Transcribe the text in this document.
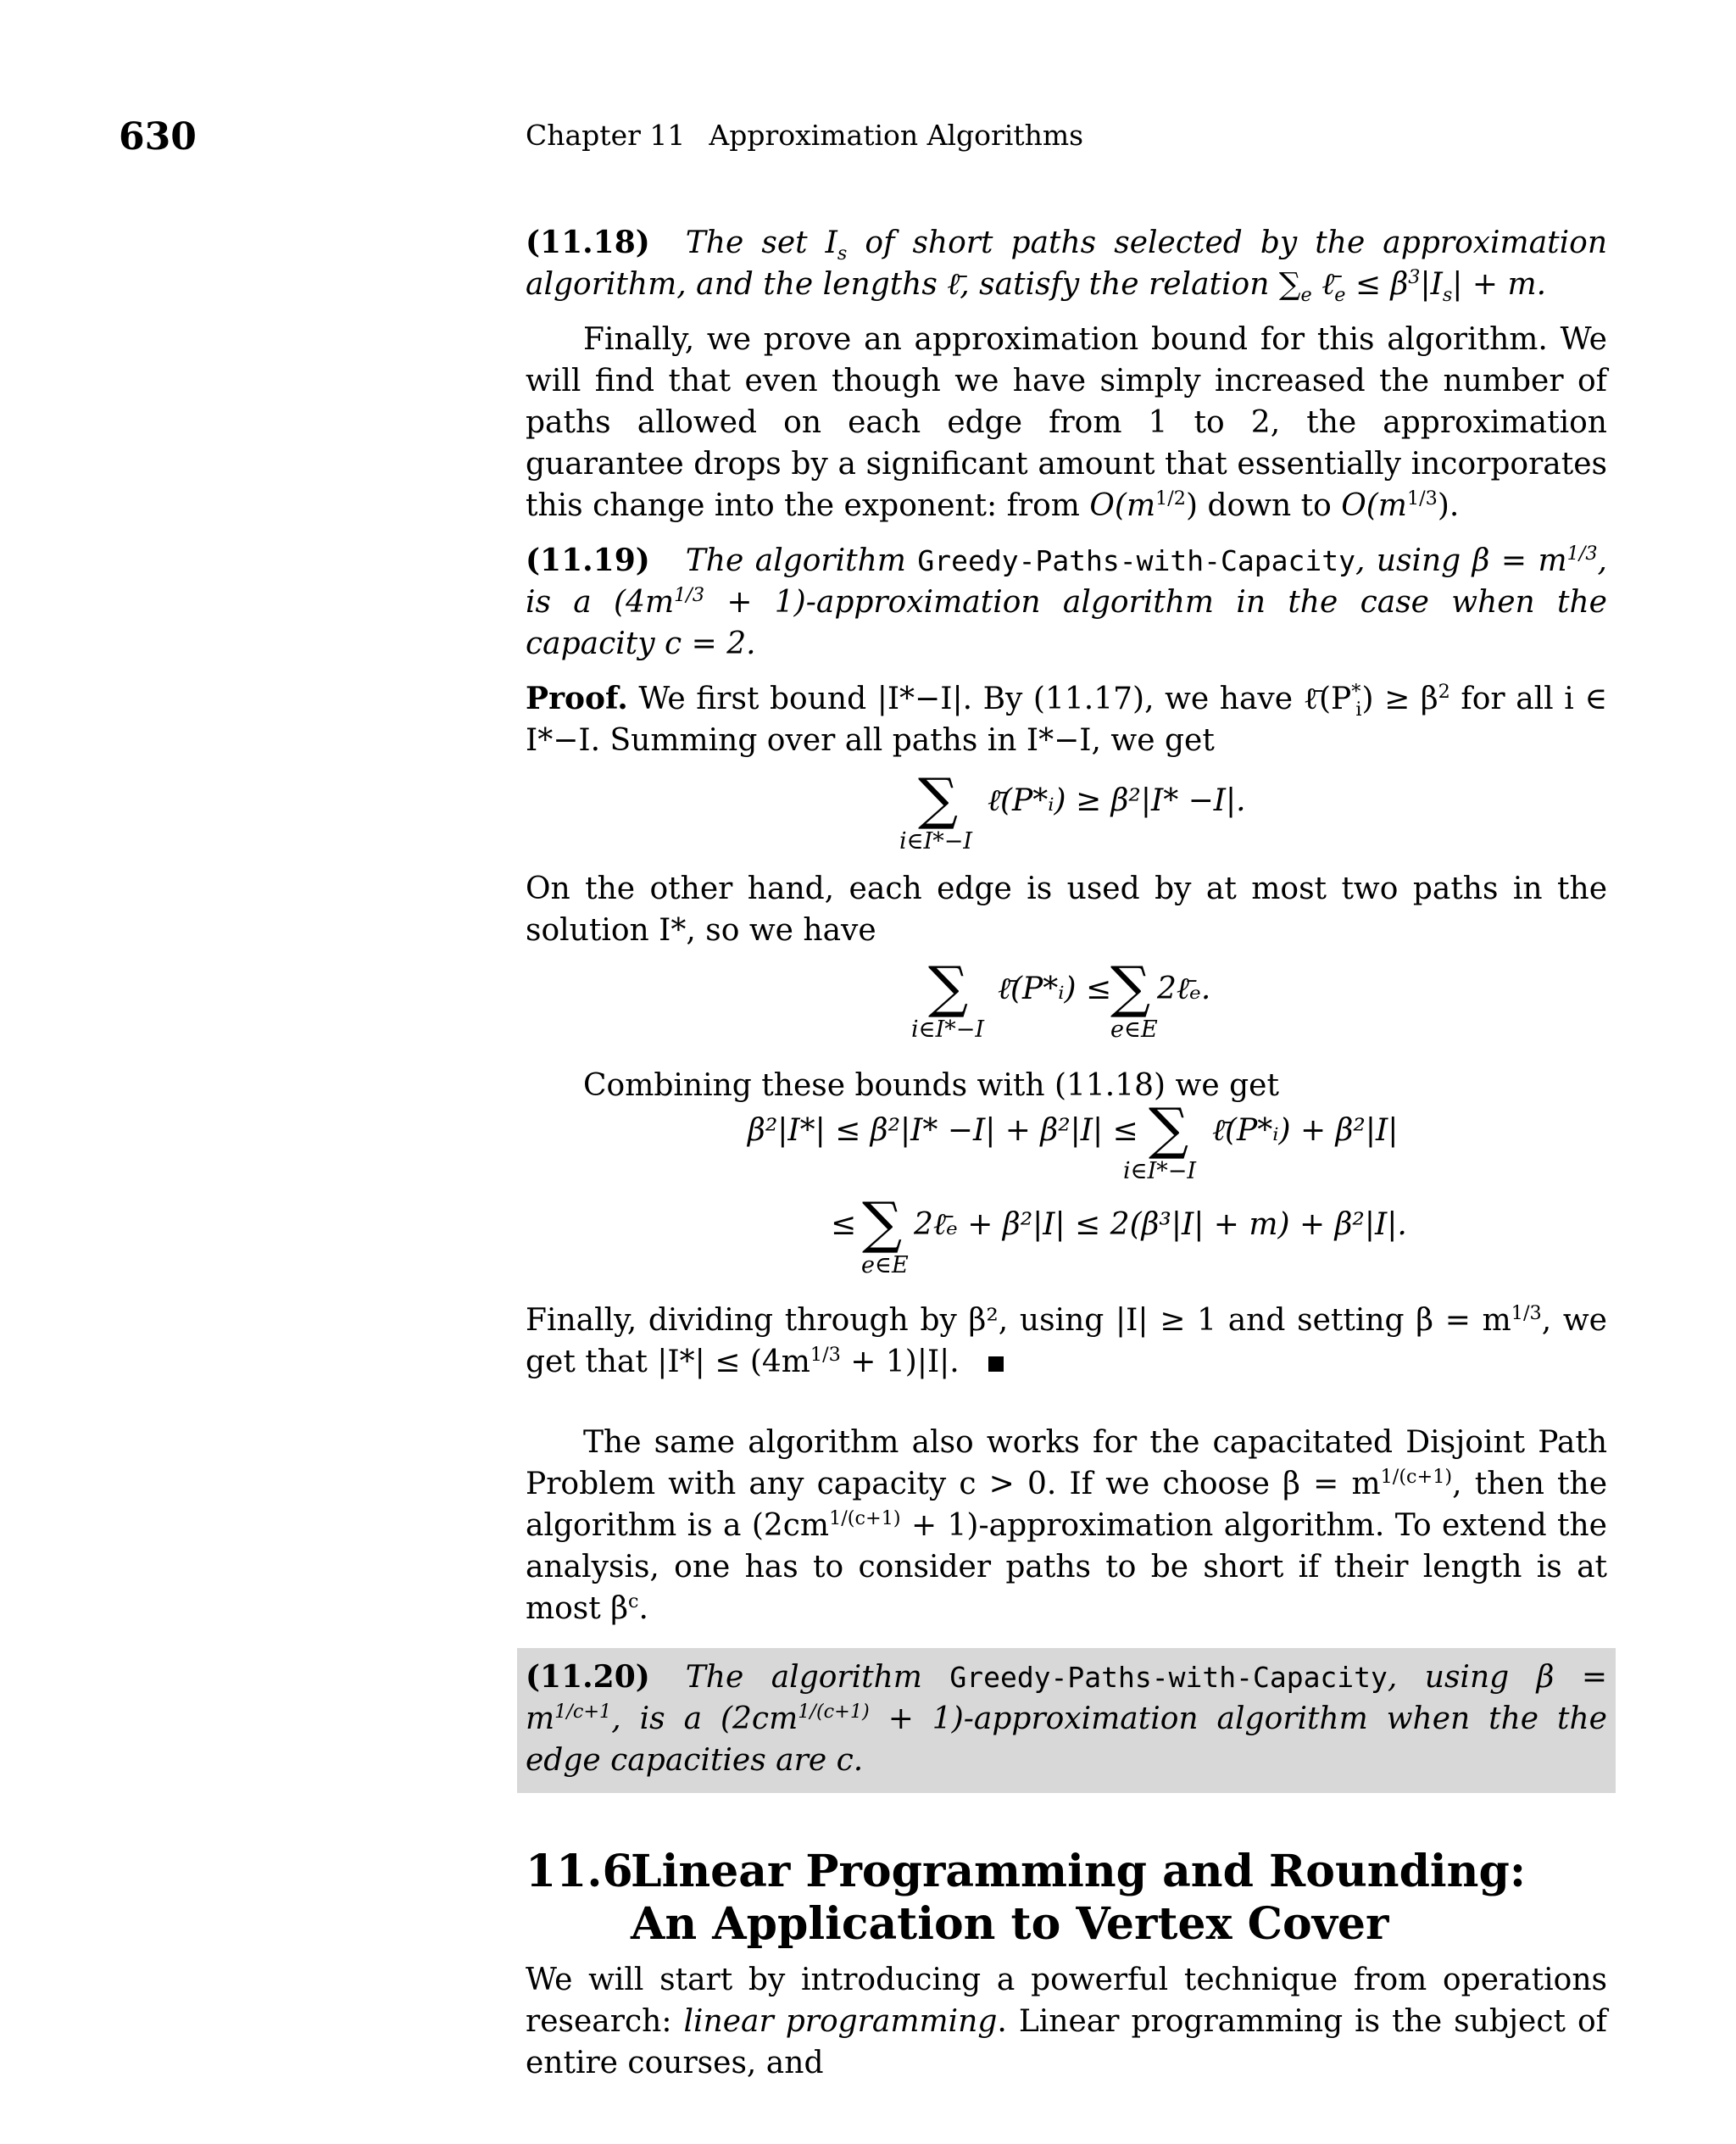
630	Chapter 11 Approximation Algorithms

(11.18) The set $I_s$ of short paths selected by the approximation algorithm, and the lengths ℓ̄, satisfy the relation $\sum_e$ $\ell̄_e \le \beta^3|I_s| + m$.

Finally, we prove an approximation bound for this algorithm. We will find that even though we have simply increased the number of paths allowed on each edge from 1 to 2, the approximation guarantee drops by a significant amount that essentially incorporates this change into the exponent: from $O(m^{1/2})$ down to $O(m^{1/3})$.

(11.19) The algorithm Greedy-Paths-with-Capacity, using $\beta = m^{1/3}$, is a ($4m^{1/3}$ + 1)-approximation algorithm in the case when the capacity c = 2.

Proof. We first bound |I*−I|. By (11.17), we have $\ell̄(P^*_i) \ge \beta^2$ for all i ∈ I*−I. Summing over all paths in I*−I, we get

∑
i∈I*−I
ℓ̄(P*ᵢ) ≥ β²|I* −I|.

On the other hand, each edge is used by at most two paths in the solution I*, so we have

∑
i∈I*−I
ℓ̄(P*ᵢ) ≤
∑
e∈E
2ℓ̄ₑ.

Combining these bounds with (11.18) we get

β²|I*| ≤ β²|I* −I| + β²|I| ≤ ∑
i∈I*−I
ℓ̄(P*ᵢ) + β²|I|
≤ ∑
e∈E
2ℓ̄ₑ + β²|I| ≤ 2(β³|I| + m) + β²|I|.

Finally, dividing through by β², using |I| ≥ 1 and setting $\beta = m^{1/3}$, we get that $|I*| \le (4m^{1/3} + 1)|I|$.

The same algorithm also works for the capacitated Disjoint Path Problem with any capacity c > 0. If we choose $\beta = m^{1/(c+1)}$, then the algorithm is a ($2cm^{1/(c+1)}$ + 1)-approximation algorithm. To extend the analysis, one has to consider paths to be short if their length is at most $\beta^c$.

(11.20) The algorithm Greedy-Paths-with-Capacity, using $\beta = m^{1/c+1}$, is a ($2cm^{1/(c+1)}$ + 1)-approximation algorithm when the the edge capacities are c.

11.6
Linear Programming and Rounding:
An Application to Vertex Cover

We will start by introducing a powerful technique from operations research: linear programming. Linear programming is the subject of entire courses, and
